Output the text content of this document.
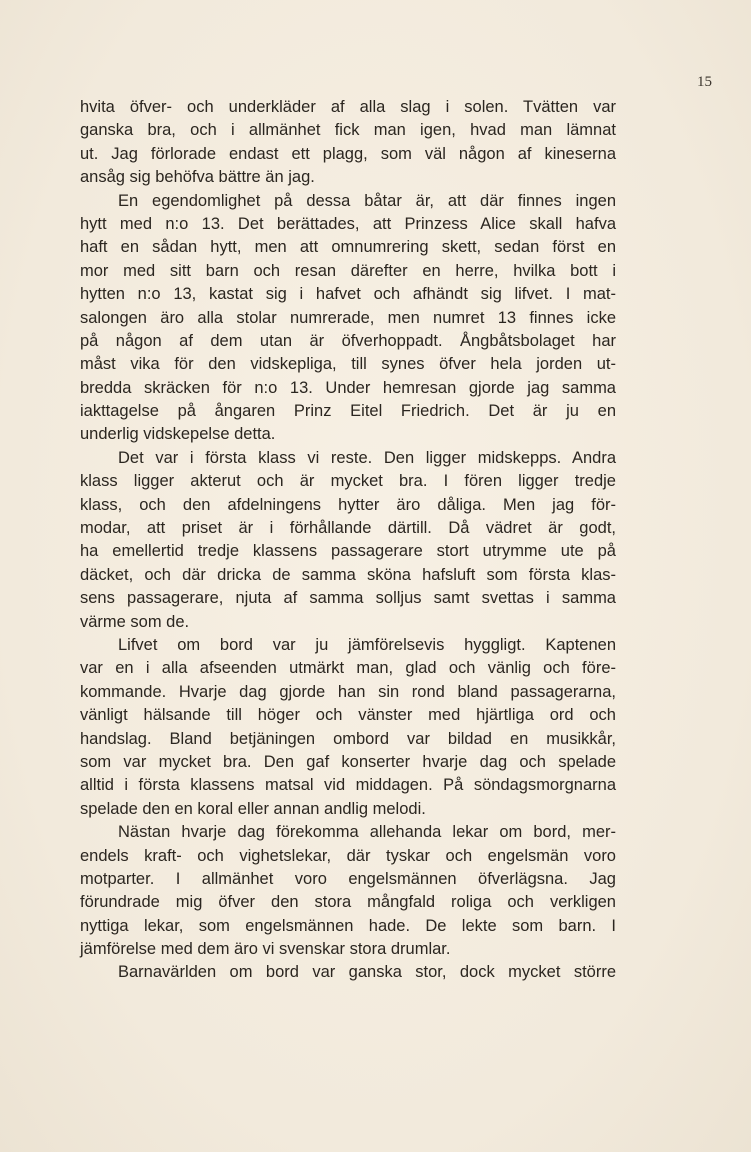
15
hvita öfver- och underkläder af alla slag i solen. Tvätten var
ganska bra, och i allmänhet fick man igen, hvad man lämnat
ut. Jag förlorade endast ett plagg, som väl någon af kineserna
ansåg sig behöfva bättre än jag.
En egendomlighet på dessa båtar är, att där finnes ingen
hytt med n:o 13. Det berättades, att Prinzess Alice skall hafva
haft en sådan hytt, men att omnumrering skett, sedan först en
mor med sitt barn och resan därefter en herre, hvilka bott i
hytten n:o 13, kastat sig i hafvet och afhändt sig lifvet. I mat-
salongen äro alla stolar numrerade, men numret 13 finnes icke
på någon af dem utan är öfverhoppadt. Ångbåtsbolaget har
måst vika för den vidskepliga, till synes öfver hela jorden ut-
bredda skräcken för n:o 13. Under hemresan gjorde jag samma
iakttagelse på ångaren Prinz Eitel Friedrich. Det är ju en
underlig vidskepelse detta.
Det var i första klass vi reste. Den ligger midskepps. Andra
klass ligger akterut och är mycket bra. I fören ligger tredje
klass, och den afdelningens hytter äro dåliga. Men jag för-
modar, att priset är i förhållande därtill. Då vädret är godt,
ha emellertid tredje klassens passagerare stort utrymme ute på
däcket, och där dricka de samma sköna hafsluft som första klas-
sens passagerare, njuta af samma solljus samt svettas i samma
värme som de.
Lifvet om bord var ju jämförelsevis hyggligt. Kaptenen
var en i alla afseenden utmärkt man, glad och vänlig och före-
kommande. Hvarje dag gjorde han sin rond bland passagerarna,
vänligt hälsande till höger och vänster med hjärtliga ord och
handslag. Bland betjäningen ombord var bildad en musikkår,
som var mycket bra. Den gaf konserter hvarje dag och spelade
alltid i första klassens matsal vid middagen. På söndagsmorgnarna
spelade den en koral eller annan andlig melodi.
Nästan hvarje dag förekomma allehanda lekar om bord, mer-
endels kraft- och vighetslekar, där tyskar och engelsmän voro
motparter. I allmänhet voro engelsmännen öfverlägsna. Jag
förundrade mig öfver den stora mångfald roliga och verkligen
nyttiga lekar, som engelsmännen hade. De lekte som barn. I
jämförelse med dem äro vi svenskar stora drumlar.
Barnavärlden om bord var ganska stor, dock mycket större
